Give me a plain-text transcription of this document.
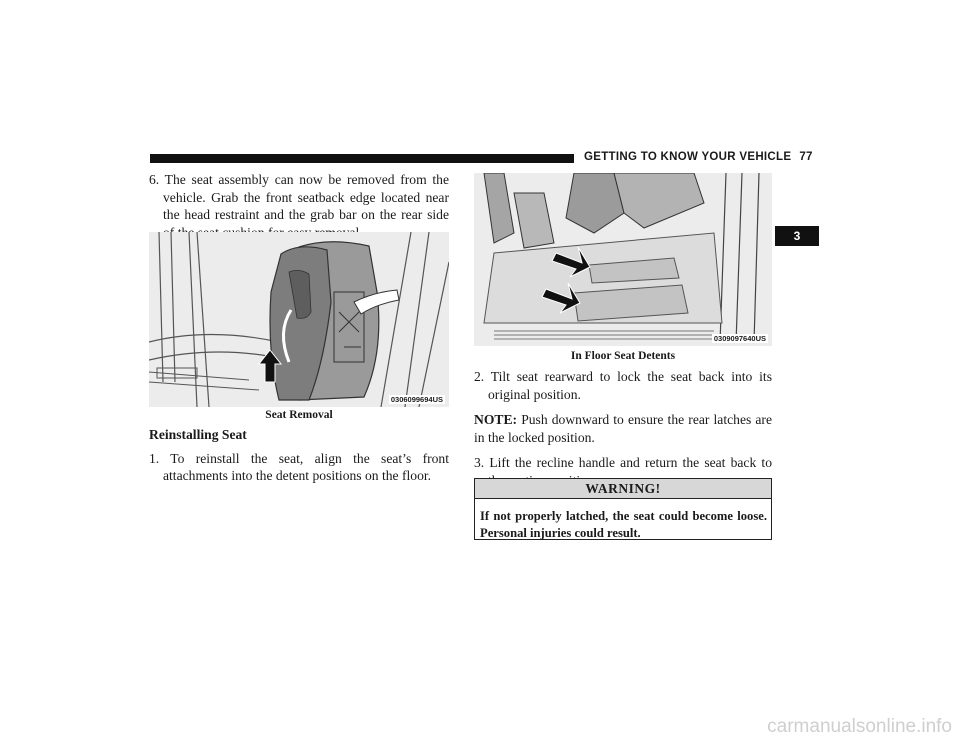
GETTING TO KNOW YOUR VEHICLE 77
3

6. The seat assembly can now be removed from the vehicle. Grab the front seatback edge located near the head restraint and the grab bar on the rear side

0306099694US
Seat Removal

Reinstalling Seat

1. To reinstall the seat, align the seat’s front attachments into the detent positions on the floor.

0309097640US
In Floor Seat Detents

2. Tilt seat rearward to lock the seat back into its original position.

NOTE: Push downward to ensure the rear latches are in the locked position.

3. Lift the recline handle and return the seat back to

WARNING!
If not properly latched, the seat could become loose. Personal injuries could result.
carmanualsonline.info
